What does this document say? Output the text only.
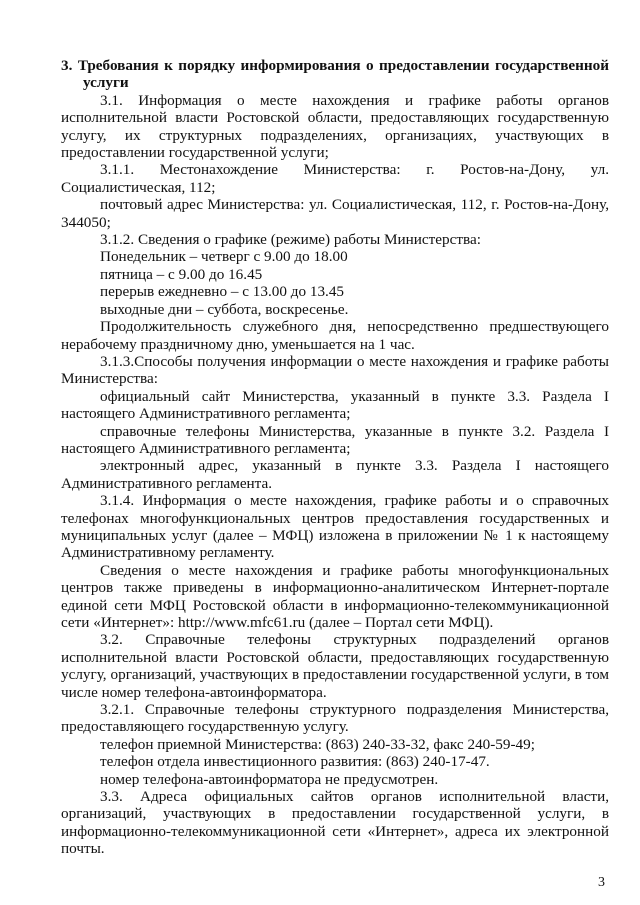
3. Требования к порядку информирования о предоставлении государственной услуги

3.1. Информация о месте нахождения и графике работы органов исполнительной власти Ростовской области, предоставляющих государственную услугу, их структурных подразделениях, организациях, участвующих в предоставлении государственной услуги;

3.1.1. Местонахождение Министерства: г. Ростов-на-Дону, ул. Социалистическая, 112;

почтовый адрес Министерства: ул. Социалистическая, 112, г. Ростов-на-Дону, 344050;

3.1.2. Сведения о графике (режиме) работы Министерства:

Понедельник – четверг с 9.00 до 18.00

пятница – с 9.00 до 16.45

перерыв ежедневно – с 13.00 до 13.45

выходные дни – суббота, воскресенье.

Продолжительность служебного дня, непосредственно предшествующего нерабочему праздничному дню, уменьшается на 1 час.

3.1.3.Способы получения информации о месте нахождения и графике работы Министерства:

официальный сайт Министерства, указанный в пункте 3.3. Раздела I настоящего Административного регламента;

справочные телефоны Министерства, указанные в пункте 3.2. Раздела I настоящего Административного регламента;

электронный адрес, указанный в пункте 3.3. Раздела I настоящего Административного регламента.

3.1.4. Информация о месте нахождения, графике работы и о справочных телефонах многофункциональных центров предоставления государственных и муниципальных услуг (далее – МФЦ) изложена в приложении № 1 к настоящему Административному регламенту.

Сведения о месте нахождения и графике работы многофункциональных центров также приведены в информационно-аналитическом Интернет-портале единой сети МФЦ Ростовской области в информационно-телекоммуникационной сети «Интернет»: http://www.mfc61.ru (далее – Портал сети МФЦ).

3.2. Справочные телефоны структурных подразделений органов исполнительной власти Ростовской области, предоставляющих государственную услугу, организаций, участвующих в предоставлении государственной услуги, в том числе номер телефона-автоинформатора.

3.2.1. Справочные телефоны структурного подразделения Министерства, предоставляющего государственную услугу.

телефон приемной Министерства: (863) 240-33-32, факс 240-59-49;

телефон отдела инвестиционного развития: (863) 240-17-47.

номер телефона-автоинформатора не предусмотрен.

3.3. Адреса официальных сайтов органов исполнительной власти, организаций, участвующих в предоставлении государственной услуги, в информационно-телекоммуникационной сети «Интернет», адреса их электронной почты.

3
